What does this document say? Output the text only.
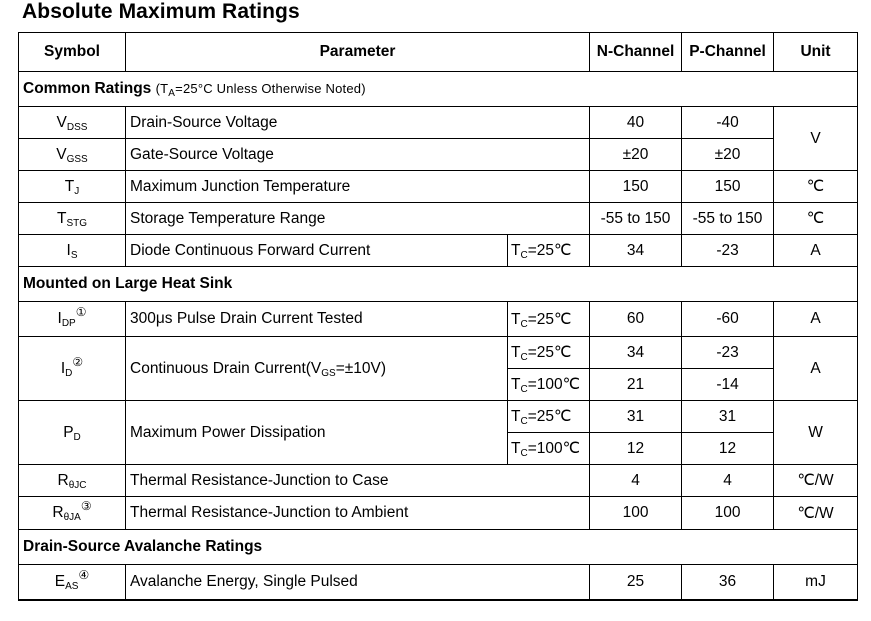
Absolute Maximum Ratings
Symbol	Parameter		N-Channel	P-Channel	Unit
Common Ratings ($T_A=25^\circ C$ Unless Otherwise Noted)					
$V_{DSS}$	Drain-Source Voltage		40	-40	V
$V_{GSS}$	Gate-Source Voltage		±20	±20	
$T_J$	Maximum Junction Temperature		150	150	℃
$T_{STG}$	Storage Temperature Range		-55 to 150	-55 to 150	℃
$I_S$	Diode Continuous Forward Current	$T_C=25℃$	34	-23	A
Mounted on Large Heat Sink					
$I_{DP}^①$	300μs Pulse Drain Current Tested	$T_C=25℃$	60	-60	A
$I_D^②$	Continuous Drain $Current(V_{GS}=\pm 10V)$	$T_C=25℃$	34	-23	A
		$T_C=100℃$	21	-14	
$P_D$	Maximum Power Dissipation	$T_C=25℃$	31	31	W
		$T_C=100℃$	12	12	
$R_{\theta JC}$	Thermal Resistance-Junction to Case		4	4	℃/W
$R_{\theta JA}^③$	Thermal Resistance-Junction to Ambient		100	100	℃/W
Drain-Source Avalanche Ratings					
$E_{AS}^④$	Avalanche Energy, Single Pulsed		25	36	mJ
